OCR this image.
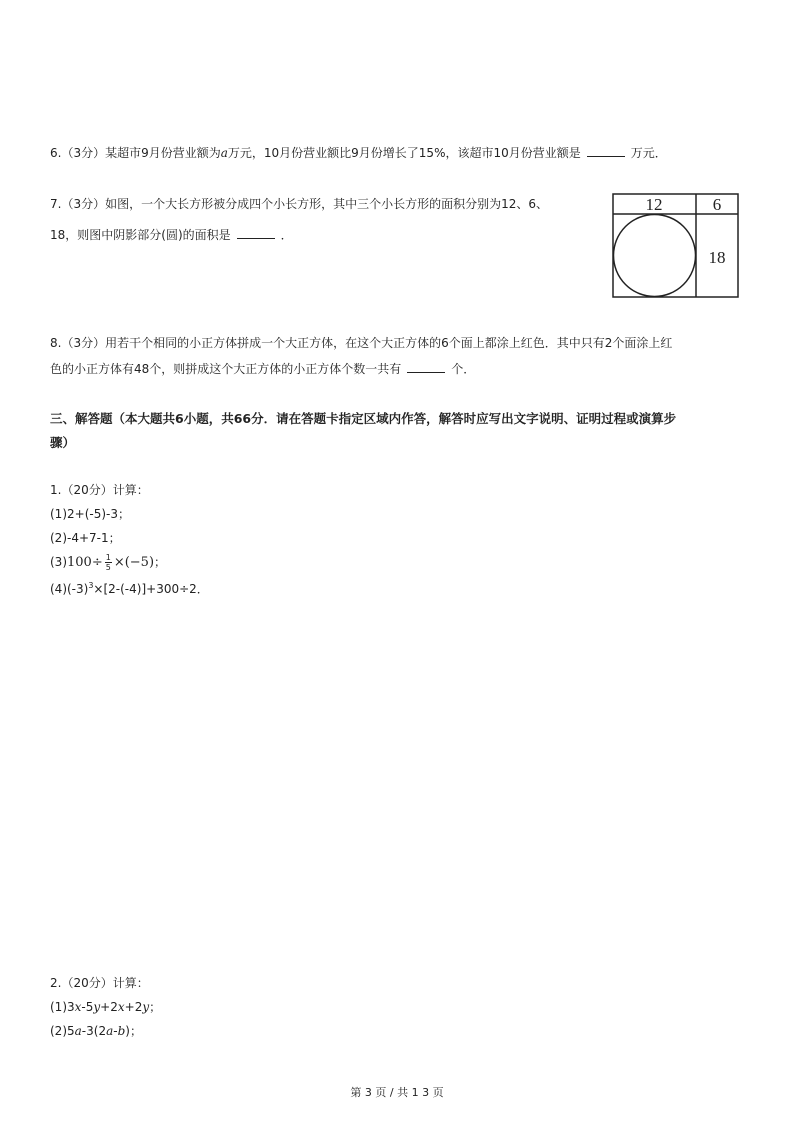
6.（3分）某超市9月份营业额为a万元，10月份营业额比9月份增长了15%，该超市10月份营业额是	万元．
7.（3分）如图，一个大长方形被分成四个小长方形，其中三个小长方形的面积分别为12、6、
18，则图中阴影部分(圆)的面积是	．
12	6
18
8.（3分）用若干个相同的小正方体拼成一个大正方体，在这个大正方体的6个面上都涂上红色．其中只有2个面涂上红
色的小正方体有48个，则拼成这个大正方体的小正方体个数一共有	个．
三、解答题（本大题共6小题，共66分．请在答题卡指定区域内作答，解答时应写出文字说明、证明过程或演算步
骤）
1.（20分）计算：
(1)2+(-5)-3；
(2)-4+7-1；
$(3)100\div \frac{1}{5} \times(-5)$；
$(4)(-3)^3\times[2-(-4)]+300\div 2$．
2.（20分）计算：
(1)3x-5y+2x+2y；
(2)5a-3(2a-b)；
第 3 页 / 共 1 3 页
